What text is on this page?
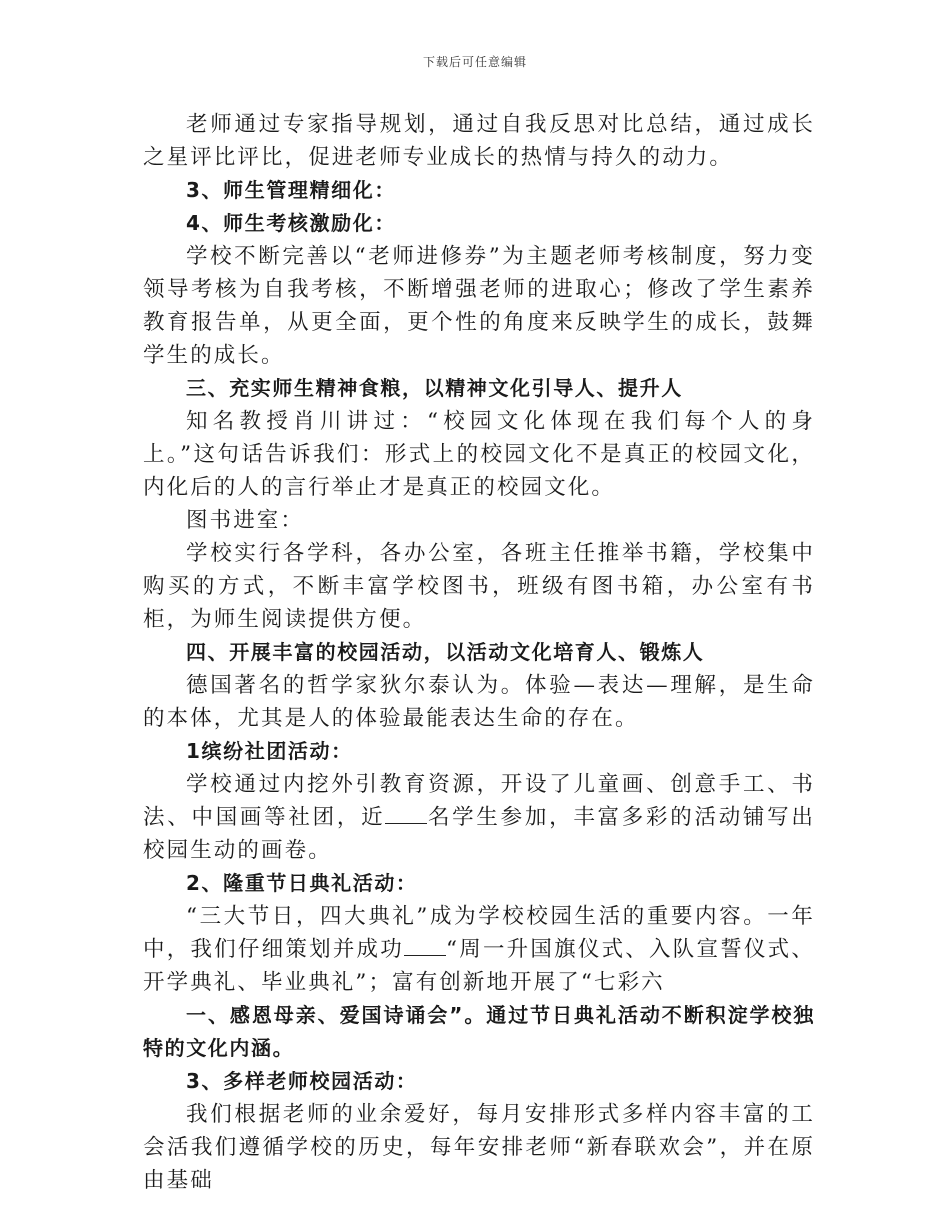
下载后可任意编辑

老师通过专家指导规划，通过自我反思对比总结，通过成长之星评比评比，促进老师专业成长的热情与持久的动力。

3、师生管理精细化：

4、师生考核激励化：

学校不断完善以“老师进修券”为主题老师考核制度，努力变领导考核为自我考核，不断增强老师的进取心；修改了学生素养教育报告单，从更全面，更个性的角度来反映学生的成长，鼓舞学生的成长。

三、充实师生精神食粮，以精神文化引导人、提升人

知名教授肖川讲过：“校园文化体现在我们每个人的身上。”这句话告诉我们：形式上的校园文化不是真正的校园文化，内化后的人的言行举止才是真正的校园文化。

图书进室：

学校实行各学科，各办公室，各班主任推举书籍，学校集中购买的方式，不断丰富学校图书，班级有图书箱，办公室有书柜，为师生阅读提供方便。

四、开展丰富的校园活动，以活动文化培育人、锻炼人

德国著名的哲学家狄尔泰认为。体验—表达—理解，是生命的本体，尤其是人的体验最能表达生命的存在。

1缤纷社团活动：

学校通过内挖外引教育资源，开设了儿童画、创意手工、书法、中国画等社团，近 名学生参加，丰富多彩的活动铺写出校园生动的画卷。

2、隆重节日典礼活动：

“三大节日，四大典礼”成为学校校园生活的重要内容。一年中，我们仔细策划并成功 “周一升国旗仪式、入队宣誓仪式、开学典礼、毕业典礼”；富有创新地开展了“七彩六

一、感恩母亲、爱国诗诵会”。通过节日典礼活动不断积淀学校独特的文化内涵。

3、多样老师校园活动：

我们根据老师的业余爱好，每月安排形式多样内容丰富的工会活我们遵循学校的历史，每年安排老师“新春联欢会”，并在原由基础
